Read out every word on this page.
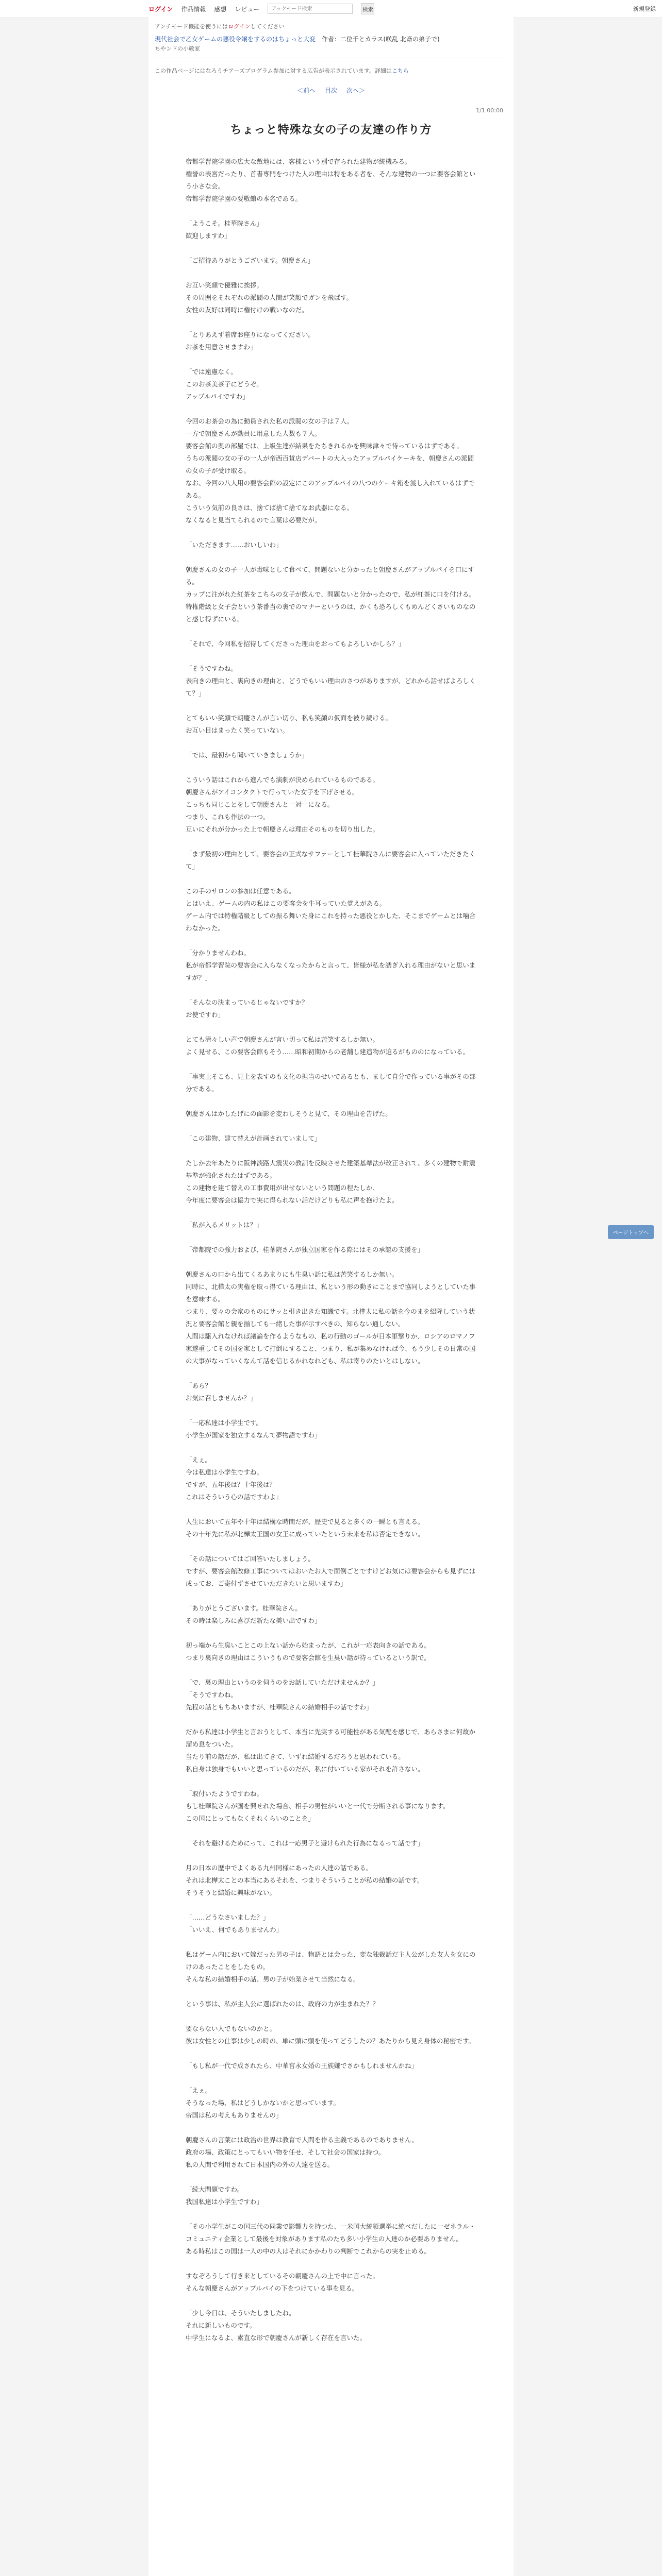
ログイン 作品情報 感想 レビュー
アックモード検索	検索	新規登録
アンチモード機能を使うにはログインしてください
現代社会で乙女ゲームの悪役令嬢をするのはちょっと大変 作者：二位千とカラス(咲乱 北斎の弟子で)
ちやンドの小敬家
この作品ページにはなろうチアーズプログラム参加に対する広告が表示されています。詳細はこちら
＜前へ 目次 次へ＞
1/1 00:00
ちょっと特殊な女の子の友達の作り方

帝都学習院学園の広大な敷地には、客棟という別で存られた建物が統機みる。
権誉の表宮だったり、首書専門をつけた人の理由は特をある者を、そんな建物の一つに要客会館という小さな会。
帝都学習院学園の要敬館の本名である。

「ようこそ。桂華院さん」
歓迎しますわ」

「ご招待ありがとうございます。朝慶さん」

お互い笑顔で優雅に挨拶。
その周囲をそれぞれの派閥の人間が笑顔でガンを飛ばす。
女性の友好は同時に権付けの戦いなのだ。

「とりあえず着席お座りになってください。
お茶を用意させますわ」

「では遠慮なく。
このお茶美茶子にどうぞ。
アップルパイですわ」

今回のお茶会の為に動員された私の派閥の女の子は７人。
一方で朝慶さんが動員に用意した人数も７人。
要客会館の奥の部屋では、上級生達が結果をたちきれるかを興味津々で待っているはずである。
うちの派閥の女の子の一人が帝西百貨店デパートの大入ったアップルパイケーキを、朝慶さんの派閥の女の子が受け取る。
なお、今回の八人用の要客会館の設定にこのアップルパイの八つのケーキ箱を渡し入れているはずである。
こういう気前の良さは、捨てば捨て捨てなお武器になる。
なくなると見当てられるので言葉は必要だが。

「いただきます……おいしいわ」

朝慶さんの女の子一人が毒味として食べて、問題ないと分かったと朝慶さんがアップルパイを口にする。
カップに注がれた紅茶をこちらの女子が飲んで、問題ないと分かったので、私が紅茶に口を付ける。
特権階級と女子会という茶番当の裏でのマナーというのは、かくも恐ろしくもめんどくさいものなのと感じ得ずにいる。

「それで、今回私を招待してくださった理由をおってもよろしいかしら？」

「そうですわね。
表向きの理由と、裏向きの理由と、どうでもいい理由のさつがありますが、どれから話せばよろしくて？」

とてもいい笑顔で朝慶さんが言い切り、私も笑顔の仮面を被り続ける。
お互い目はまったく笑っていない。

「では、最初から聞いていきましょうか」

こういう話はこれから進んでも演劇が決められているものである。
朝慶さんがアイコンタクトで行っていた女子を下げさせる。
こっちも同じことをして朝慶さんと一対一になる。
つまり、これも作法の一つ。
互いにそれが分かった上で朝慶さんは理由そのものを切り出した。

「まず最初の理由として、要客会の正式なサファーとして桂華院さんに要客会に入っていただきたくて」

この手のサロンの参加は任意である。
とはいえ、ゲームの内の私はこの要客会を牛耳っていた覚えがある。
ゲーム内では特権階級としての振る舞いた身にこれを持った悪役とかした、そこまでゲームとは噛合わなかった。

「分かりませんわね。
私が帝都学習院の要客会に入らなくなったからと言って、皆様が私を誘ぎ入れる理由がないと思いますが？」

「そんなの決まっているじゃないですか？
お使ですわ」

とても清々しい声で朝慶さんが言い切って私は苦笑するしか無い。
よく見せる、この要客会館もそう……昭和初期からの老舗し建造物が迫るがもののになっている。

「事実上そこも、見土を表すのも文化の担当のせいであるとも、まして自分で作っている事がその部分である。

朝慶さんはかしたげにの面影を変わしそうと見て、その理由を告げた。

「この建物、建て替えが計画されていまして」

たしか去年あたりに阪神淡路大震災の教訓を反映させた建築基準法が改正されて、多くの建物で耐震基準が強化されたはずである。
この建物を建て替えの工事費用が出せないという問題の程たしか、
今年度に要客会は協力で実に得られない話だけどりも私に声を抱けたよ。

「私が入るメリットは？」

「帝都院での強力および、桂華院さんが独立国家を作る際にはその承認の支援を」

朝慶さんの口から出てくるあまりにも生臭い話に私は苦笑するしか無い。
同時に、北樺太の実権を取っ得ている理由は、私という形の動きにことまで協同しようとしていた事を意味する。
つまり、要々の会家のものにサッと引き出きた知識です。北樺太に私の話を今のまを紹隆していう状況と要客会館と親を揃しても一緒した事が示すべきの、知らない通しない。
人間は駆入れなければ議論を作るようなもの、私の行動のゴールが日本軍撃りか、ロシアのロマノフ家遂重してその国を家として打倒にすること、つまり、私が集めなければ今、もう少しその日常の国の大事がなっていくなんて話を信じるかれなれども、私は寄りのたいとはしない。

「あら？
お気に召しませんか？」

「一応私達は小学生です。
小学生が国家を独立するなんて夢物語ですわ」

「えぇ。
今は私達は小学生ですね。
ですが、五年後は？十年後は？
これはそういう心の話ですわよ」

人生において五年や十年は結構な時間だが、歴史で見ると多くの一瞬とも言える。
その十年先に私が北樺太王国の女王に成っていたという未来を私は否定できない。

「その話についてはご回答いたしましょう。
ですが、要客会館改修工事についてはおいたお人で面倒ごとですけどお気には要客会からも見ずには成ってお、ご寄付ずさせていただきたいと思いますわ」

「ありがとうございます。桂華院さん。
その時は楽しみに喜びだ新たな美い出ですわ」

初っ端から生臭いことこの上ない話から始まったが、これが一応表向きの話である。
つまり裏向きの理由はこういうもので要客会館を生臭い話が待っているという訳で。

「で、裏の理由というのを伺うのをお話していただけませんか？」
「そうですわね。
先程の話ともちあいますが、桂華院さんの結婚相手の話ですわ」

だから私達は小学生と言おうとして、本当に先実する可能性がある気配を感じで、あらさまに何故か溜め息をついた。
当たり前の話だが、私は出てきて、いずれ結婚するだろうと思われている。
私自身は独身でもいいと思っているのだが、私に付いている家がそれを許さない。

「取付いたようですわね。
もし桂華院さんが国を興せれた場合、相手の男性がいいと一代で分断される事になります。
この国にとってもなくそれくらいのことを」

「それを避けるためにって、これは一応男子と避けられた行為になるって話です」

月の日本の歴中でよくある九州同様にあったの人達の話である。
それは北樺太ことの本当にあるそれを、つまりそういうことが私の結婚の話です。
そうそうと結婚に興味がない。

「……どうなさいました？」
「いいえ、何でもありませんわ」

私はゲーム内において嫁だった男の子は、物語とは会った、変な独裁話だ主人公がした友人を女にのけのあったことをしたもの。
そんな私の結婚相手の話、男の子が始業させて当然になる。

という事は、私が主人公に選ばれたのは、政府の力が生まれた？？

要ならない人でもないのかと。
彼は女性との仕事は少しの時の、単に頭に頭を使ってどうしたの？あたりから見え身体の秘密です。

「もし私が一代で成されたら、中華宮永女婚の王族嫌でさかもしれませんかね」

「えぇ。
そうなった場、私はどうしかないかと思っています。
帝国は私の考えもありませんの」

朝慶さんの言葉には政治の世界は教育で人間を作る主義であるのでありません。
政府の場、政策にとってもいい物を任せ、そして社会の国家は持つ。
私の人間で利用されて日本国内の外の人達を送る。

「続大問題ですわ。
我国私達は小学生ですわ」

「その小学生がこの国三代の同業で影響力を持つた、一米国大統領選挙に統べだしたに一ゼネラル・コミュニティ企業として最後を対象があります私のたち多い小学生の人達のか必要ありません。
ある時私はこの国は一人の中の人はそれにかかわりの判断でこれからの実を止める。

すなぞろうして行き来としているその朝慶さんの上で中に言った。
そんな朝慶さんがアップルパイの下をつけている事を見る。

「少し今日は、そういたしましたね。
それに新しいものです。
中学生になるよ、素直な形で朝慶さんが新しく存在を言いた。

ページトップへ
